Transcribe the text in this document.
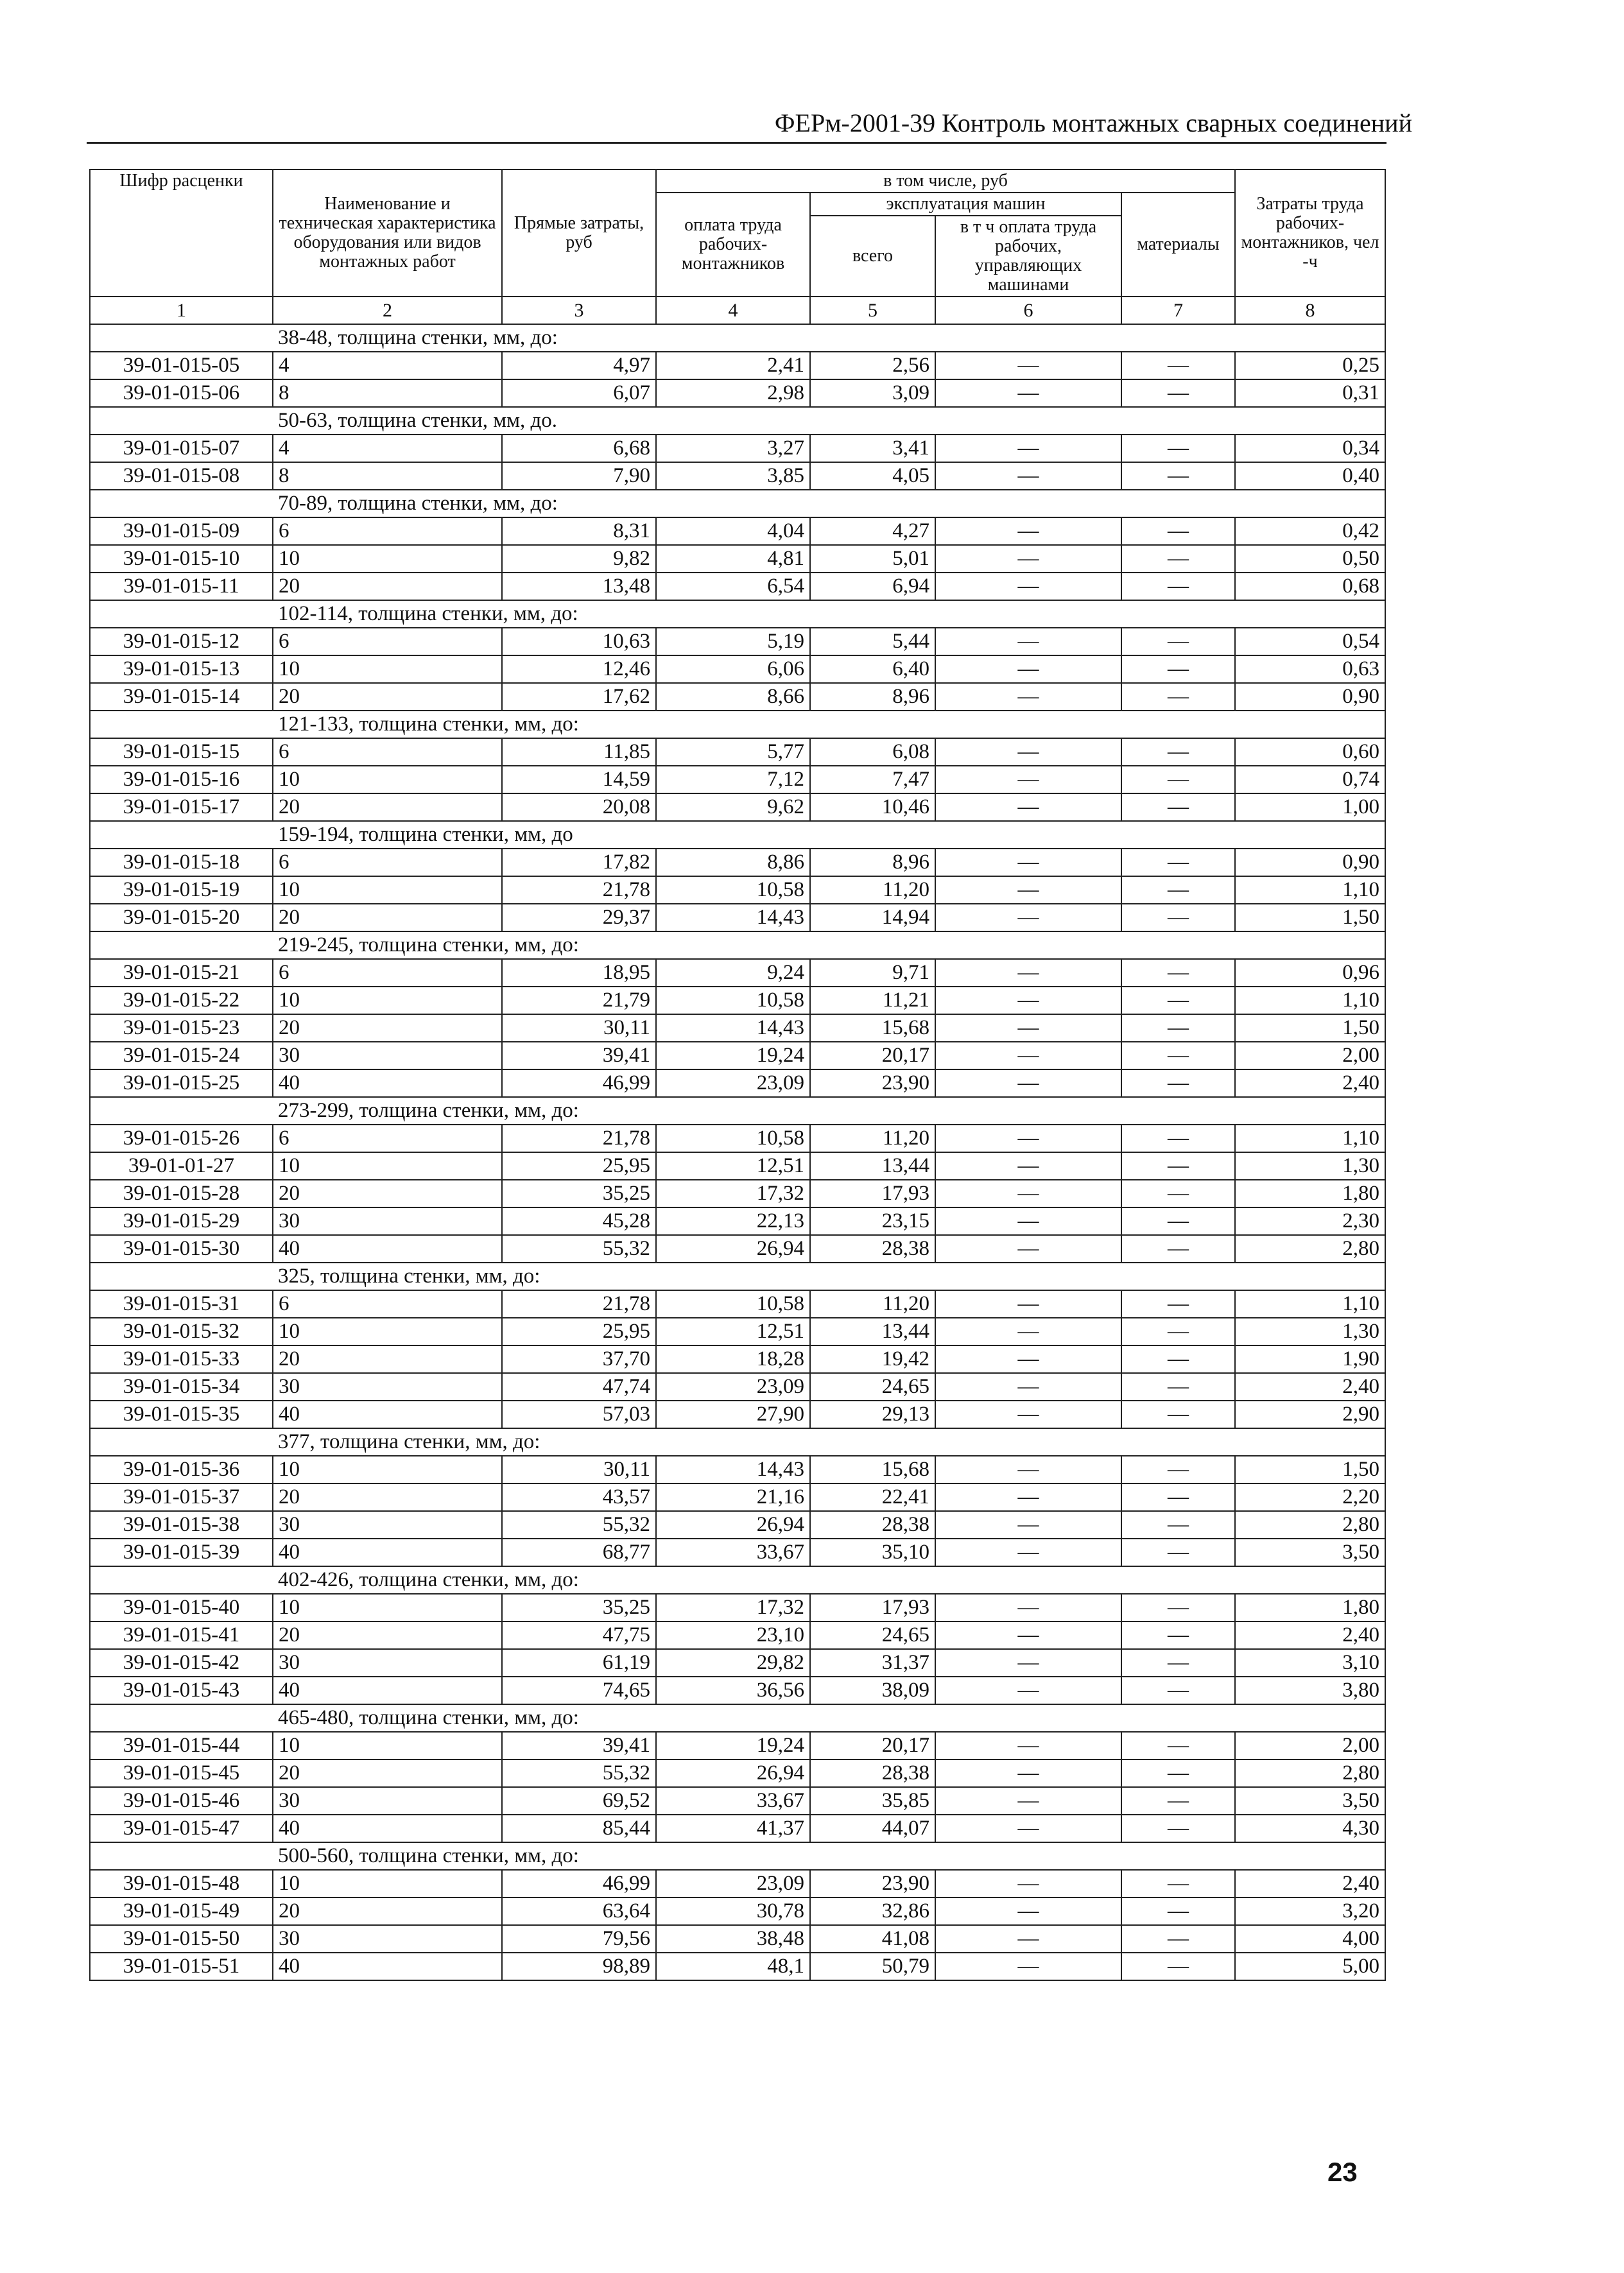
ФЕРм-2001-39 Контроль монтажных сварных соединений
Шифр расценки	Наименование и техническая характеристика оборудования или видов монтажных работ	Прямые затраты, руб	в том числе, руб				Затраты труда рабочих-монтажников, чел -ч
			оплата труда рабочих-монтажников	эксплуатация машин		материалы	
				всего	в т ч оплата труда рабочих, управляющих машинами		
1	2	3	4	5	6	7	8
	38-48, толщина стенки, мм, до:						
39-01-015-05	4	4,97	2,41	2,56	—	—	0,25
39-01-015-06	8	6,07	2,98	3,09	—	—	0,31
	50-63, толщина стенки, мм, до.						
39-01-015-07	4	6,68	3,27	3,41	—	—	0,34
39-01-015-08	8	7,90	3,85	4,05	—	—	0,40
	70-89, толщина стенки, мм, до:						
39-01-015-09	6	8,31	4,04	4,27	—	—	0,42
39-01-015-10	10	9,82	4,81	5,01	—	—	0,50
39-01-015-11	20	13,48	6,54	6,94	—	—	0,68
	102-114, толщина стенки, мм, до:						
39-01-015-12	6	10,63	5,19	5,44	—	—	0,54
39-01-015-13	10	12,46	6,06	6,40	—	—	0,63
39-01-015-14	20	17,62	8,66	8,96	—	—	0,90
	121-133, толщина стенки, мм, до:						
39-01-015-15	6	11,85	5,77	6,08	—	—	0,60
39-01-015-16	10	14,59	7,12	7,47	—	—	0,74
39-01-015-17	20	20,08	9,62	10,46	—	—	1,00
	159-194, толщина стенки, мм, до						
39-01-015-18	6	17,82	8,86	8,96	—	—	0,90
39-01-015-19	10	21,78	10,58	11,20	—	—	1,10
39-01-015-20	20	29,37	14,43	14,94	—	—	1,50
	219-245, толщина стенки, мм, до:						
39-01-015-21	6	18,95	9,24	9,71	—	—	0,96
39-01-015-22	10	21,79	10,58	11,21	—	—	1,10
39-01-015-23	20	30,11	14,43	15,68	—	—	1,50
39-01-015-24	30	39,41	19,24	20,17	—	—	2,00
39-01-015-25	40	46,99	23,09	23,90	—	—	2,40
	273-299, толщина стенки, мм, до:						
39-01-015-26	6	21,78	10,58	11,20	—	—	1,10
39-01-01-27	10	25,95	12,51	13,44	—	—	1,30
39-01-015-28	20	35,25	17,32	17,93	—	—	1,80
39-01-015-29	30	45,28	22,13	23,15	—	—	2,30
39-01-015-30	40	55,32	26,94	28,38	—	—	2,80
	325, толщина стенки, мм, до:						
39-01-015-31	6	21,78	10,58	11,20	—	—	1,10
39-01-015-32	10	25,95	12,51	13,44	—	—	1,30
39-01-015-33	20	37,70	18,28	19,42	—	—	1,90
39-01-015-34	30	47,74	23,09	24,65	—	—	2,40
39-01-015-35	40	57,03	27,90	29,13	—	—	2,90
	377, толщина стенки, мм, до:						
39-01-015-36	10	30,11	14,43	15,68	—	—	1,50
39-01-015-37	20	43,57	21,16	22,41	—	—	2,20
39-01-015-38	30	55,32	26,94	28,38	—	—	2,80
39-01-015-39	40	68,77	33,67	35,10	—	—	3,50
	402-426, толщина стенки, мм, до:						
39-01-015-40	10	35,25	17,32	17,93	—	—	1,80
39-01-015-41	20	47,75	23,10	24,65	—	—	2,40
39-01-015-42	30	61,19	29,82	31,37	—	—	3,10
39-01-015-43	40	74,65	36,56	38,09	—	—	3,80
	465-480, толщина стенки, мм, до:						
39-01-015-44	10	39,41	19,24	20,17	—	—	2,00
39-01-015-45	20	55,32	26,94	28,38	—	—	2,80
39-01-015-46	30	69,52	33,67	35,85	—	—	3,50
39-01-015-47	40	85,44	41,37	44,07	—	—	4,30
	500-560, толщина стенки, мм, до:						
39-01-015-48	10	46,99	23,09	23,90	—	—	2,40
39-01-015-49	20	63,64	30,78	32,86	—	—	3,20
39-01-015-50	30	79,56	38,48	41,08	—	—	4,00
39-01-015-51	40	98,89	48,1	50,79	—	—	5,00
23
